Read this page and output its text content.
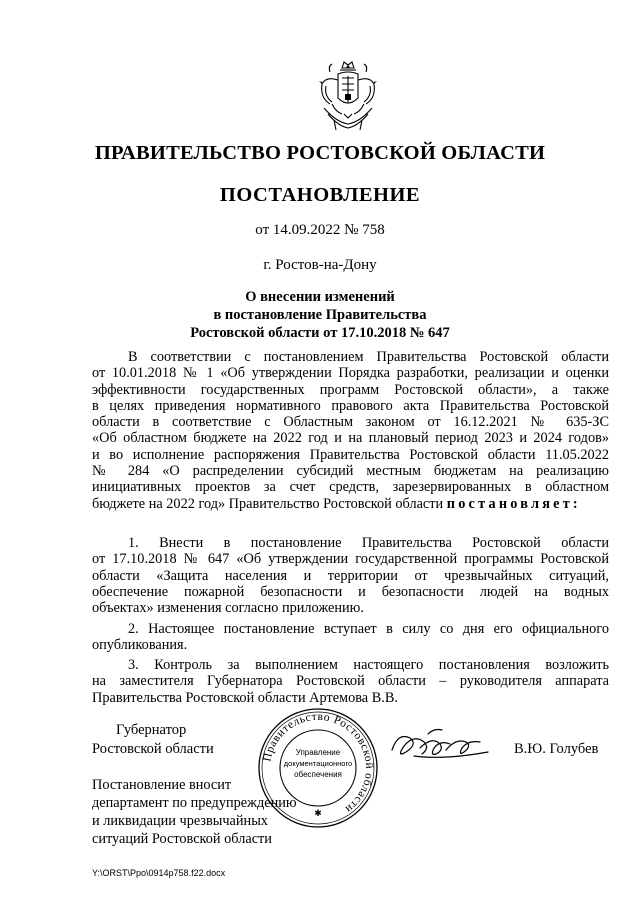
ПРАВИТЕЛЬСТВО РОСТОВСКОЙ ОБЛАСТИ
ПОСТАНОВЛЕНИЕ
от 14.09.2022 № 758
г. Ростов-на-Дону
О внесении изменений
в постановление Правительства
Ростовской области от 17.10.2018 № 647
В соответствии с постановлением Правительства Ростовской области
от 10.01.2018 № 1 «Об утверждении Порядка разработки, реализации и оценки
эффективности государственных программ Ростовской области», а также
в целях приведения нормативного правового акта Правительства Ростовской
области в соответствие с Областным законом от 16.12.2021 № 635-ЗС
«Об областном бюджете на 2022 год и на плановый период 2023 и 2024 годов»
и во исполнение распоряжения Правительства Ростовской области 11.05.2022
№ 284 «О распределении субсидий местным бюджетам на реализацию
инициативных проектов за счет средств, зарезервированных в областном
бюджете на 2022 год» Правительство Ростовской области постановляет:
1. Внести в постановление Правительства Ростовской области
от 17.10.2018 № 647 «Об утверждении государственной программы Ростовской
области «Защита населения и территории от чрезвычайных ситуаций,
обеспечение пожарной безопасности и безопасности людей на водных
объектах» изменения согласно приложению.
2. Настоящее постановление вступает в силу со дня его официального
опубликования.
3. Контроль за выполнением настоящего постановления возложить
на заместителя Губернатора Ростовской области – руководителя аппарата
Правительства Ростовской области Артемова В.В.
Губернатор
Ростовской области	В.Ю. Голубев
Правительство Ростовской области
Управление
документационного
обеспечения
✱
Постановление вносит
департамент по предупреждению
и ликвидации чрезвычайных
ситуаций Ростовской области
Y:\ORST\Ppo\0914p758.f22.docx
